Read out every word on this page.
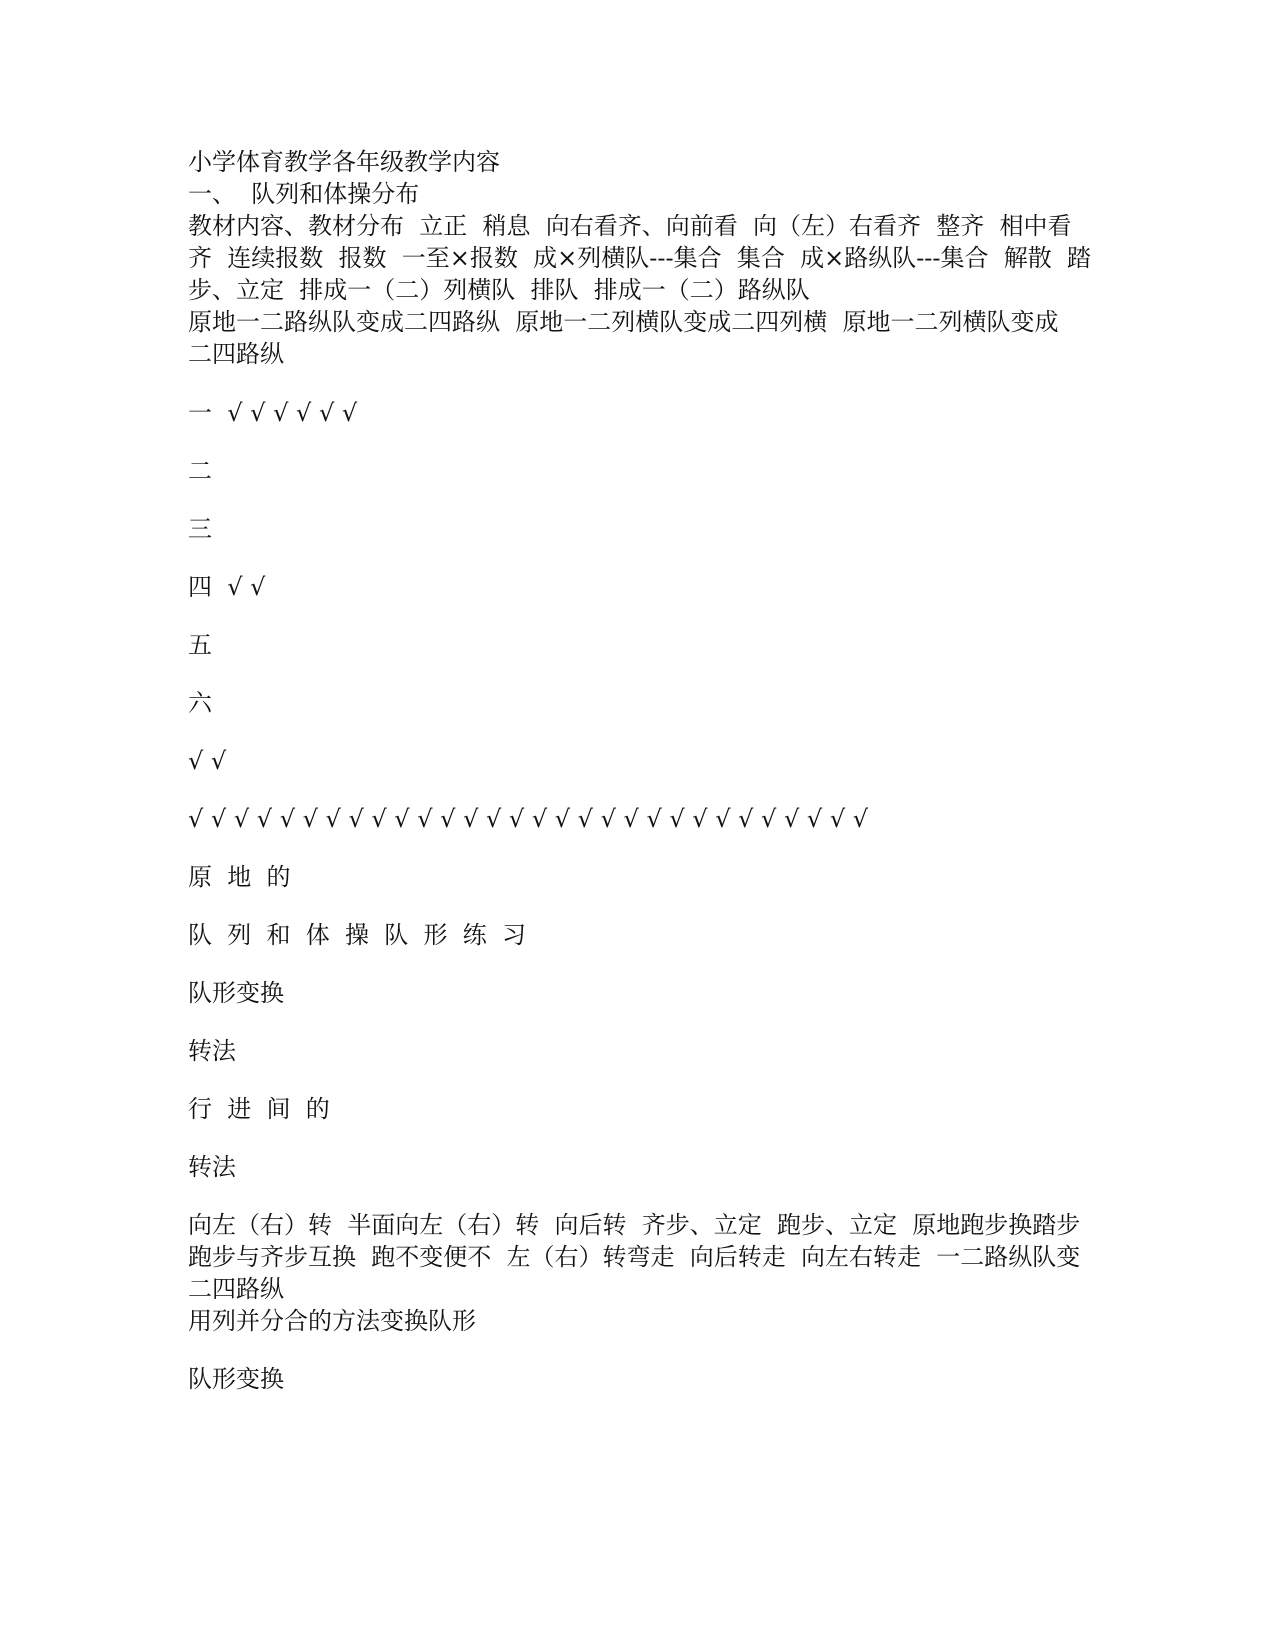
小学体育教学各年级教学内容
一、  队列和体操分布
教材内容、教材分布  立正  稍息  向右看齐、向前看  向（左）右看齐  整齐  相中看
齐  连续报数  报数  一至×报数  成×列横队---集合  集合  成×路纵队---集合  解散  踏
步、立定  排成一（二）列横队  排队  排成一（二）路纵队
原地一二路纵队变成二四路纵  原地一二列横队变成二四列横  原地一二列横队变成
二四路纵
一  √ √ √ √ √ √
二
三
四  √ √
五
六
√ √
√ √ √ √ √ √ √ √ √ √ √ √ √ √ √ √ √ √ √ √ √ √ √ √ √ √ √ √ √ √
原  地  的
队  列  和  体  操  队  形  练  习
队形变换
转法
行  进  间  的
转法
向左（右）转  半面向左（右）转  向后转  齐步、立定  跑步、立定  原地跑步换踏步
跑步与齐步互换  跑不变便不  左（右）转弯走  向后转走  向左右转走  一二路纵队变
二四路纵
用列并分合的方法变换队形
队形变换
